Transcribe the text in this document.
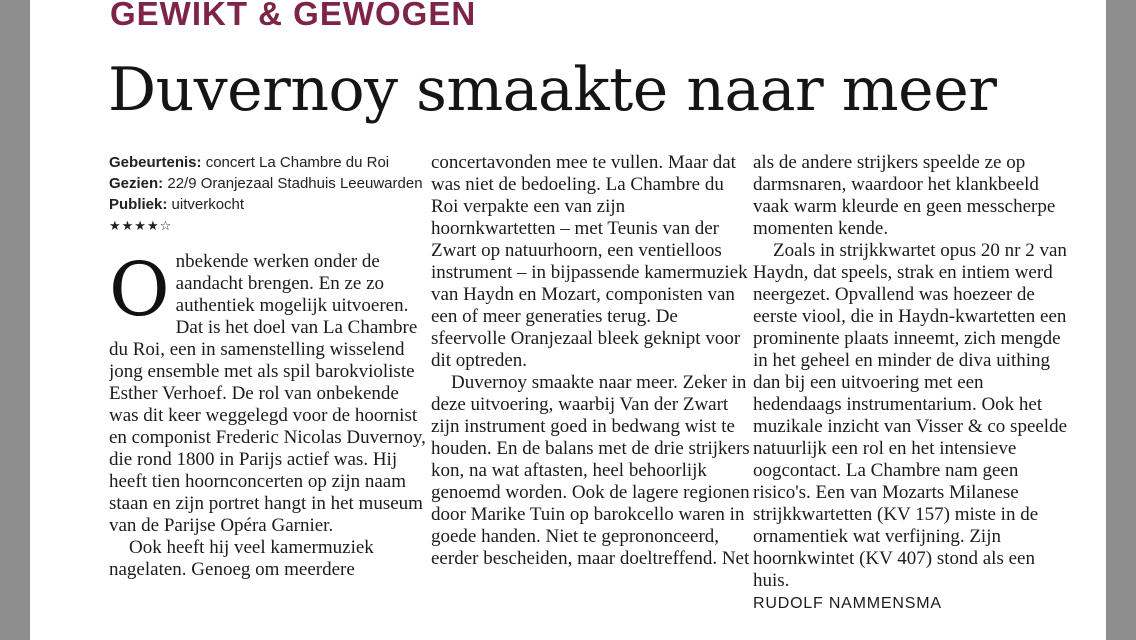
GEWIKT & GEWOGEN
Duvernoy smaakte naar meer
Gebeurtenis: concert La Chambre du Roi
Gezien: 22/9 Oranjezaal Stadhuis Leeuwarden Publiek: uitverkocht
★★★★☆

Onbekende werken onder de aandacht brengen. En ze zo authentiek mogelijk uitvoeren. Dat is het doel van La Chambre du Roi, een in samenstelling wisselend jong ensemble met als spil barokvioliste Esther Verhoef. De rol van onbekende was dit keer weggelegd voor de hoornist en componist Frederic Nicolas Duvernoy, die rond 1800 in Parijs actief was. Hij heeft tien hoornconcerten op zijn naam staan en zijn portret hangt in het museum van de Parijse Opéra Garnier.

Ook heeft hij veel kamermuziek nagelaten. Genoeg om meerdere

concertavonden mee te vullen. Maar dat was niet de bedoeling. La Chambre du Roi verpakte een van zijn hoornkwartetten – met Teunis van der Zwart op natuurhoorn, een ventielloos instrument – in bijpassende kamermuziek van Haydn en Mozart, componisten van een of meer generaties terug. De sfeervolle Oranjezaal bleek geknipt voor dit optreden.

Duvernoy smaakte naar meer. Zeker in deze uitvoering, waarbij Van der Zwart zijn instrument goed in bedwang wist te houden. En de balans met de drie strijkers kon, na wat aftasten, heel behoorlijk genoemd worden. Ook de lagere regionen door Marike Tuin op barokcello waren in goede handen. Niet te geprononceerd, eerder bescheiden, maar doeltreffend. Net

als de andere strijkers speelde ze op darmsnaren, waardoor het klankbeeld vaak warm kleurde en geen messcherpe momenten kende.

Zoals in strijkkwartet opus 20 nr 2 van Haydn, dat speels, strak en intiem werd neergezet. Opvallend was hoezeer de eerste viool, die in Haydn-kwartetten een prominente plaats inneemt, zich mengde in het geheel en minder de diva uithing dan bij een uitvoering met een hedendaags instrumentarium. Ook het muzikale inzicht van Visser & co speelde natuurlijk een rol en het intensieve oogcontact. La Chambre nam geen risico's. Een van Mozarts Milanese strijkkwartetten (KV 157) miste in de ornamentiek wat verfijning. Zijn hoornkwintet (KV 407) stond als een huis.

RUDOLF NAMMENSMA
